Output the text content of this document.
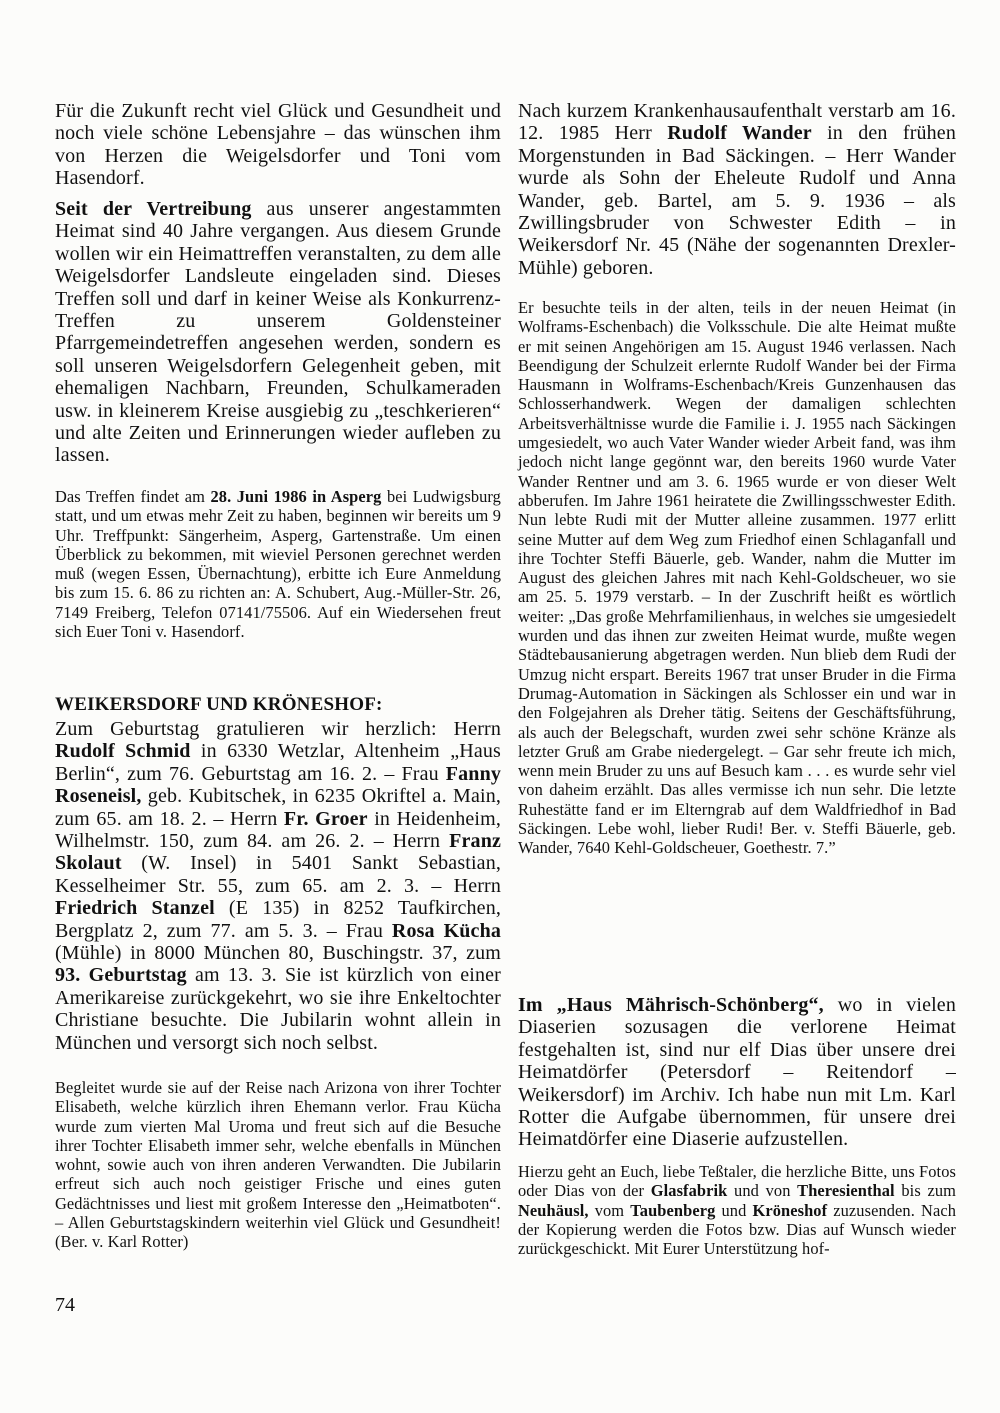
Für die Zukunft recht viel Glück und Gesundheit und noch viele schöne Lebensjahre – das wünschen ihm von Herzen die Weigelsdorfer und Toni vom Hasendorf.

Seit der Vertreibung aus unserer angestammten Heimat sind 40 Jahre vergangen. Aus diesem Grunde wollen wir ein Heimattreffen veranstalten, zu dem alle Weigelsdorfer Landsleute eingeladen sind. Dieses Treffen soll und darf in keiner Weise als Konkurrenz-Treffen zu unserem Goldensteiner Pfarrgemeindetreffen angesehen werden, sondern es soll unseren Weigelsdorfern Gelegenheit geben, mit ehemaligen Nachbarn, Freunden, Schulkameraden usw. in kleinerem Kreise ausgiebig zu „teschkerieren“ und alte Zeiten und Erinnerungen wieder aufleben zu lassen.

Das Treffen findet am 28. Juni 1986 in Asperg bei Ludwigsburg statt, und um etwas mehr Zeit zu haben, beginnen wir bereits um 9 Uhr. Treffpunkt: Sängerheim, Asperg, Gartenstraße. Um einen Überblick zu bekommen, mit wieviel Personen gerechnet werden muß (wegen Essen, Übernachtung), erbitte ich Eure Anmeldung bis zum 15. 6. 86 zu richten an: A. Schubert, Aug.-Müller-Str. 26, 7149 Freiberg, Telefon 07141/75506. Auf ein Wiedersehen freut sich Euer Toni v. Hasendorf.

WEIKERSDORF UND KRÖNESHOF:

Zum Geburtstag gratulieren wir herzlich: Herrn Rudolf Schmid in 6330 Wetzlar, Altenheim „Haus Berlin“, zum 76. Geburtstag am 16. 2. – Frau Fanny Roseneisl, geb. Kubitschek, in 6235 Okriftel a. Main, zum 65. am 18. 2. – Herrn Fr. Groer in Heidenheim, Wilhelmstr. 150, zum 84. am 26. 2. – Herrn Franz Skolaut (W. Insel) in 5401 Sankt Sebastian, Kesselheimer Str. 55, zum 65. am 2. 3. – Herrn Friedrich Stanzel (E 135) in 8252 Taufkirchen, Bergplatz 2, zum 77. am 5. 3. – Frau Rosa Kücha (Mühle) in 8000 München 80, Buschingstr. 37, zum 93. Geburtstag am 13. 3. Sie ist kürzlich von einer Amerikareise zurückgekehrt, wo sie ihre Enkeltochter Christiane besuchte. Die Jubilarin wohnt allein in München und versorgt sich noch selbst.

Begleitet wurde sie auf der Reise nach Arizona von ihrer Tochter Elisabeth, welche kürzlich ihren Ehemann verlor. Frau Kücha wurde zum vierten Mal Uroma und freut sich auf die Besuche ihrer Tochter Elisabeth immer sehr, welche ebenfalls in München wohnt, sowie auch von ihren anderen Verwandten. Die Jubilarin erfreut sich auch noch geistiger Frische und eines guten Gedächtnisses und liest mit großem Interesse den „Heimatboten“. – Allen Geburtstagskindern weiterhin viel Glück und Gesundheit! (Ber. v. Karl Rotter)

74

Nach kurzem Krankenhausaufenthalt verstarb am 16. 12. 1985 Herr Rudolf Wander in den frühen Morgenstunden in Bad Säckingen. – Herr Wander wurde als Sohn der Eheleute Rudolf und Anna Wander, geb. Bartel, am 5. 9. 1936 – als Zwillingsbruder von Schwester Edith – in Weikersdorf Nr. 45 (Nähe der sogenannten Drexler-Mühle) geboren.

Er besuchte teils in der alten, teils in der neuen Heimat (in Wolframs-Eschenbach) die Volksschule. Die alte Heimat mußte er mit seinen Angehörigen am 15. August 1946 verlassen. Nach Beendigung der Schulzeit erlernte Rudolf Wander bei der Firma Hausmann in Wolframs-Eschenbach/Kreis Gunzenhausen das Schlosserhandwerk. Wegen der damaligen schlechten Arbeitsverhältnisse wurde die Familie i. J. 1955 nach Säckingen umgesiedelt, wo auch Vater Wander wieder Arbeit fand, was ihm jedoch nicht lange gegönnt war, den bereits 1960 wurde Vater Wander Rentner und am 3. 6. 1965 wurde er von dieser Welt abberufen. Im Jahre 1961 heiratete die Zwillingsschwester Edith. Nun lebte Rudi mit der Mutter alleine zusammen. 1977 erlitt seine Mutter auf dem Weg zum Friedhof einen Schlaganfall und ihre Tochter Steffi Bäuerle, geb. Wander, nahm die Mutter im August des gleichen Jahres mit nach Kehl-Goldscheuer, wo sie am 25. 5. 1979 verstarb. – In der Zuschrift heißt es wörtlich weiter: „Das große Mehrfamilienhaus, in welches sie umgesiedelt wurden und das ihnen zur zweiten Heimat wurde, mußte wegen Städtebausanierung abgetragen werden. Nun blieb dem Rudi der Umzug nicht erspart. Bereits 1967 trat unser Bruder in die Firma Drumag-Automation in Säckingen als Schlosser ein und war in den Folgejahren als Dreher tätig. Seitens der Geschäftsführung, als auch der Belegschaft, wurden zwei sehr schöne Kränze als letzter Gruß am Grabe niedergelegt. – Gar sehr freute ich mich, wenn mein Bruder zu uns auf Besuch kam . . . es wurde sehr viel von daheim erzählt. Das alles vermisse ich nun sehr. Die letzte Ruhestätte fand er im Elterngrab auf dem Waldfriedhof in Bad Säckingen. Lebe wohl, lieber Rudi! Ber. v. Steffi Bäuerle, geb. Wander, 7640 Kehl-Goldscheuer, Goethestr. 7.”

Im „Haus Mährisch-Schönberg“, wo in vielen Diaserien sozusagen die verlorene Heimat festgehalten ist, sind nur elf Dias über unsere drei Heimatdörfer (Petersdorf – Reitendorf – Weikersdorf) im Archiv. Ich habe nun mit Lm. Karl Rotter die Aufgabe übernommen, für unsere drei Heimatdörfer eine Diaserie aufzustellen.

Hierzu geht an Euch, liebe Teßtaler, die herzliche Bitte, uns Fotos oder Dias von der Glasfabrik und von Theresienthal bis zum Neuhäusl, vom Taubenberg und Kröneshof zuzusenden. Nach der Kopierung werden die Fotos bzw. Dias auf Wunsch wieder zurückgeschickt. Mit Eurer Unterstützung hof-
